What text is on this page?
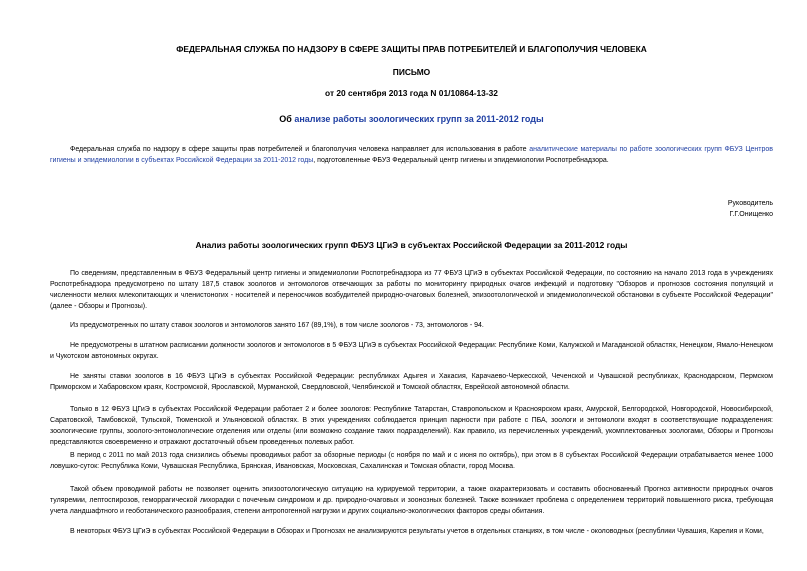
ФЕДЕРАЛЬНАЯ СЛУЖБА ПО НАДЗОРУ В СФЕРЕ ЗАЩИТЫ ПРАВ ПОТРЕБИТЕЛЕЙ И БЛАГОПОЛУЧИЯ ЧЕЛОВЕКА
ПИСЬМО
от 20 сентября 2013 года N 01/10864-13-32
Об анализе работы зоологических групп за 2011-2012 годы
Федеральная служба по надзору в сфере защиты прав потребителей и благополучия человека направляет для использования в работе аналитические материалы по работе зоологических групп ФБУЗ Центров гигиены и эпидемиологии в субъектах Российской Федерации за 2011-2012 годы, подготовленные ФБУЗ Федеральный центр гигиены и эпидемиологии Роспотребнадзора.
Руководитель
Г.Г.Онищенко
Анализ работы зоологических групп ФБУЗ ЦГиЭ в субъектах Российской Федерации за 2011-2012 годы
По сведениям, представленным в ФБУЗ Федеральный центр гигиены и эпидемиологии Роспотребнадзора из 77 ФБУЗ ЦГиЭ в субъектах Российской Федерации, по состоянию на начало 2013 года в учреждениях Роспотребнадзора предусмотрено по штату 187,5 ставок зоологов и энтомологов отвечающих за работы по мониторингу природных очагов инфекций и подготовку "Обзоров и прогнозов состояния популяций и численности мелких млекопитающих и членистоногих - носителей и переносчиков возбудителей природно-очаговых болезней, эпизоотологической и эпидемиологической обстановки в субъекте Российской Федерации" (далее - Обзоры и Прогнозы).
Из предусмотренных по штату ставок зоологов и энтомологов занято 167 (89,1%), в том числе зоологов - 73, энтомологов - 94.
Не предусмотрены в штатном расписании должности зоологов и энтомологов в 5 ФБУЗ ЦГиЭ в субъектах Российской Федерации: Республике Коми, Калужской и Магаданской областях, Ненецком, Ямало-Ненецком и Чукотском автономных округах.
Не заняты ставки зоологов в 16 ФБУЗ ЦГиЭ в субъектах Российской Федерации: республиках Адыгея и Хакасия, Карачаево-Черкесской, Чеченской и Чувашской республиках, Краснодарском, Пермском Приморском и Хабаровском краях, Костромской, Ярославской, Мурманской, Свердловской, Челябинской и Томской областях, Еврейской автономной области.
Только в 12 ФБУЗ ЦГиЭ в субъектах Российской Федерации работает 2 и более зоологов: Республике Татарстан, Ставропольском и Красноярском краях, Амурской, Белгородской, Новгородской, Новосибирской, Саратовской, Тамбовской, Тульской, Тюменской и Ульяновской областях. В этих учреждениях соблюдается принцип парности при работе с ПБА, зоологи и энтомологи входят в соответствующие подразделения: зоологические группы, зоолого-энтомологические отделения или отделы (или возможно создание таких подразделений). Как правило, из перечисленных учреждений, укомплектованных зоологами, Обзоры и Прогнозы представляются своевременно и отражают достаточный объем проведенных полевых работ.
В период с 2011 по май 2013 года снизились объемы проводимых работ за обзорные периоды (с ноября по май и с июня по октябрь), при этом в 8 субъектах Российской Федерации отрабатывается менее 1000 ловушко-суток: Республика Коми, Чувашская Республика, Брянская, Ивановская, Московская, Сахалинская и Томская области, город Москва.
Такой объем проводимой работы не позволяет оценить эпизоотологическую ситуацию на курируемой территории, а также охарактеризовать и составить обоснованный Прогноз активности природных очагов туляремии, лептоспирозов, геморрагической лихорадки с почечным синдромом и др. природно-очаговых и зоонозных болезней. Также возникает проблема с определением территорий повышенного риска, требующая учета ландшафтного и геоботанического разнообразия, степени антропогенной нагрузки и других социально-экологических факторов среды обитания.
В некоторых ФБУЗ ЦГиЭ в субъектах Российской Федерации в Обзорах и Прогнозах не анализируются результаты учетов в отдельных станциях, в том числе - околоводных (республики Чувашия, Карелия и Коми,
